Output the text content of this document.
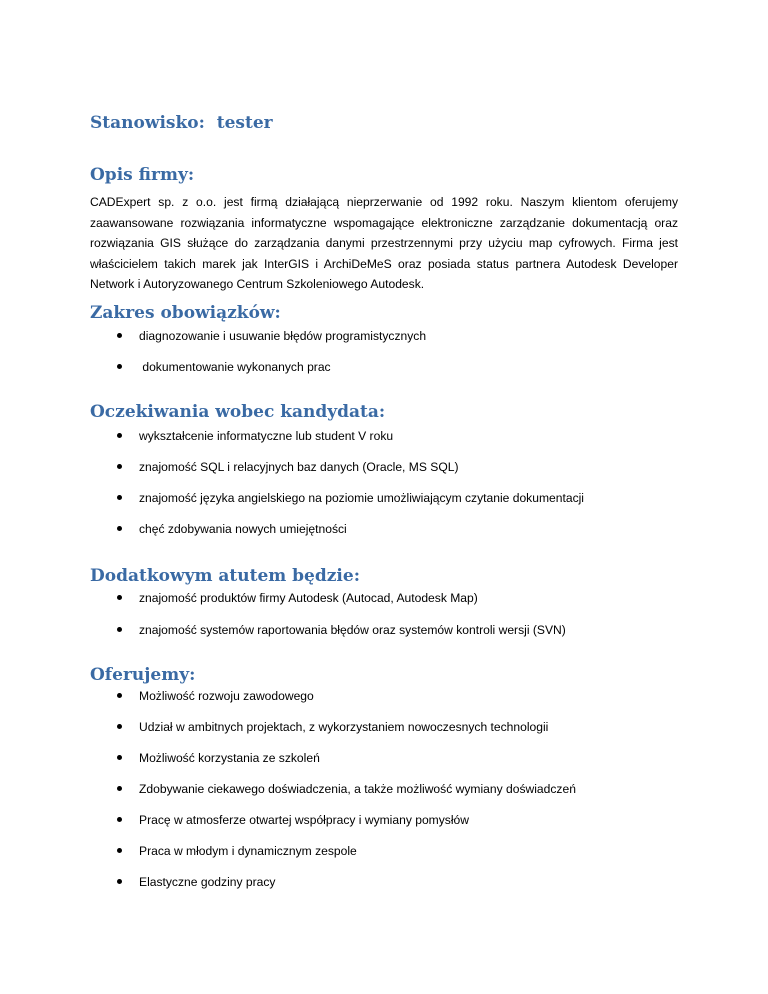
Stanowisko: tester
Opis firmy:

CADExpert sp. z o.o. jest firmą działającą nieprzerwanie od 1992 roku. Naszym klientom oferujemy zaawansowane rozwiązania informatyczne wspomagające elektroniczne zarządzanie dokumentacją oraz rozwiązania GIS służące do zarządzania danymi przestrzennymi przy użyciu map cyfrowych. Firma jest właścicielem takich marek jak InterGIS i ArchiDeMeS oraz posiada status partnera Autodesk Developer Network i Autoryzowanego Centrum Szkoleniowego Autodesk.

Zakres obowiązków:
diagnozowanie i usuwanie błędów programistycznych
dokumentowanie wykonanych prac
Oczekiwania wobec kandydata:
wykształcenie informatyczne lub student V roku
znajomość SQL i relacyjnych baz danych (Oracle, MS SQL)
znajomość języka angielskiego na poziomie umożliwiającym czytanie dokumentacji
chęć zdobywania nowych umiejętności
Dodatkowym atutem będzie:
znajomość produktów firmy Autodesk (Autocad, Autodesk Map)
znajomość systemów raportowania błędów oraz systemów kontroli wersji (SVN)
Oferujemy:
Możliwość rozwoju zawodowego
Udział w ambitnych projektach, z wykorzystaniem nowoczesnych technologii
Możliwość korzystania ze szkoleń
Zdobywanie ciekawego doświadczenia, a także możliwość wymiany doświadczeń
Pracę w atmosferze otwartej współpracy i wymiany pomysłów
Praca w młodym i dynamicznym zespole
Elastyczne godziny pracy
